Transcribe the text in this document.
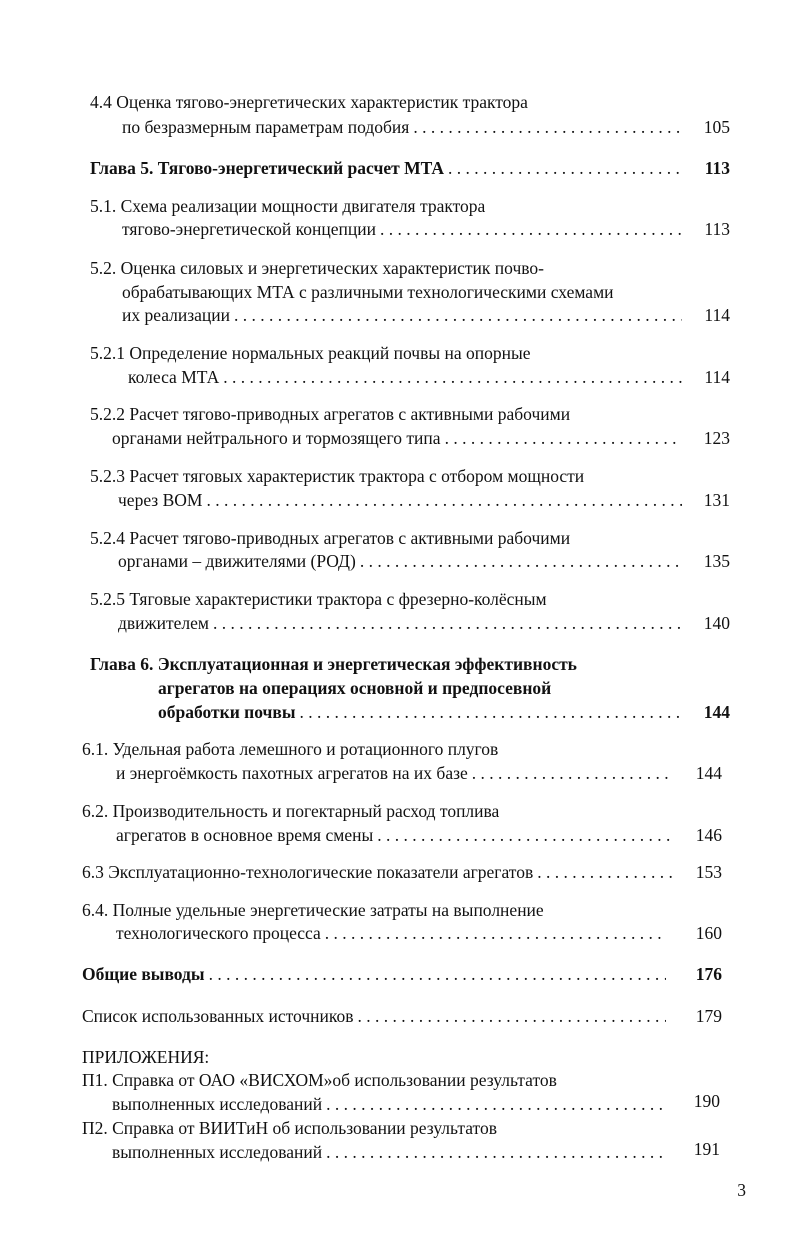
4.4 Оценка тягово-энергетических характеристик трактора
по безразмерным параметрам подобия . . .	105
Глава 5. Тягово-энергетический расчет МТА . . .	113
5.1. Схема реализации мощности двигателя трактора
тягово-энергетической концепции . . .	113
5.2. Оценка силовых и энергетических характеристик почво-
обрабатывающих МТА с различными технологическими схемами
их реализации . . .	114
5.2.1 Определение нормальных реакций почвы на опорные
колеса МТА . . .	114
5.2.2 Расчет тягово-приводных агрегатов с активными рабочими
органами нейтрального и тормозящего типа . . .	123
5.2.3 Расчет тяговых характеристик трактора с отбором мощности
через ВОМ . . .	131
5.2.4 Расчет тягово-приводных агрегатов с активными рабочими
органами – движителями (РОД) . . .	135
5.2.5 Тяговые характеристики трактора с фрезерно-колёсным
движителем . . .	140
Глава 6. Эксплуатационная и энергетическая эффективность
агрегатов на операциях основной и предпосевной
обработки почвы . . .	144
6.1. Удельная работа лемешного и ротационного плугов
и энергоёмкость пахотных агрегатов на их базе . . .	144
6.2. Производительность и погектарный расход топлива
агрегатов в основное время смены . . .	146
6.3 Эксплуатационно-технологические показатели агрегатов . . .	153
6.4. Полные удельные энергетические затраты на выполнение
технологического процесса . . .	160
Общие выводы . . .	176
Список использованных источников . . .	179
ПРИЛОЖЕНИЯ:
П1. Справка от ОАО «ВИСХОМ»об использовании результатов
выполненных исследований . . .	190
П2. Справка от ВИИТиН об использовании результатов
выполненных исследований . . .	191
3
